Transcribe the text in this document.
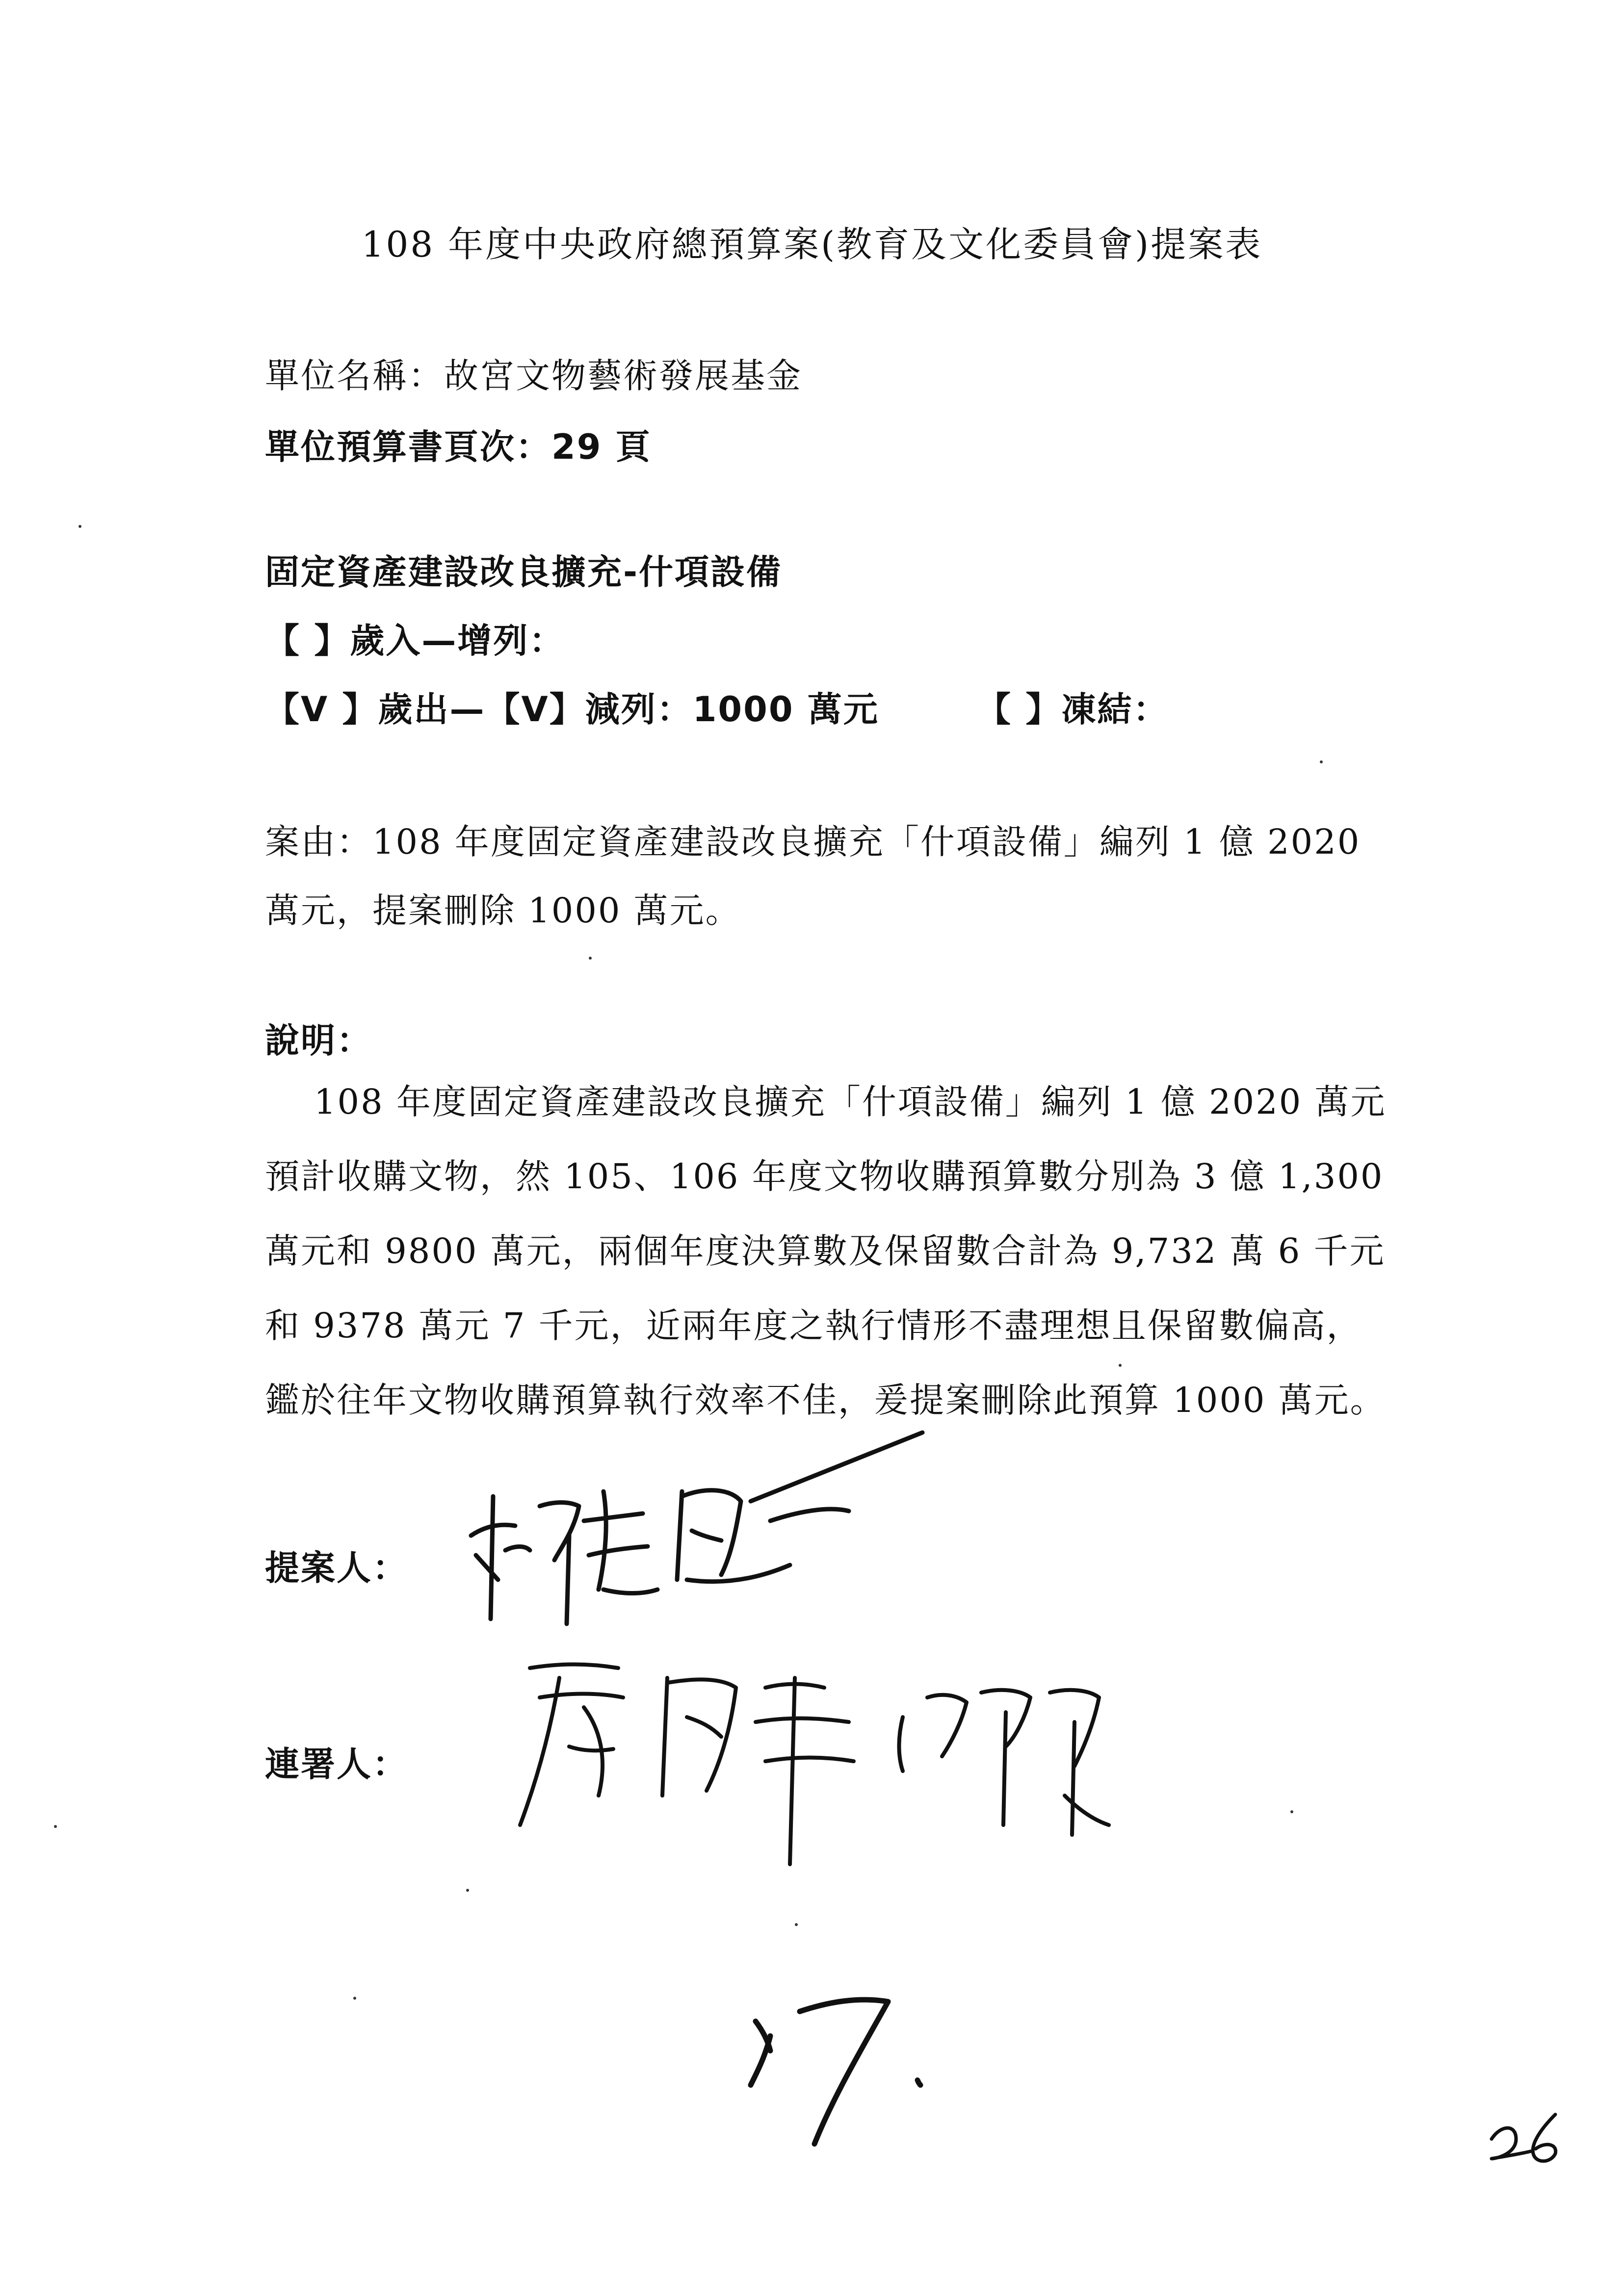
108 年度中央政府總預算案(教育及文化委員會)提案表
單位名稱：故宮文物藝術發展基金
單位預算書頁次：29 頁
固定資產建設改良擴充-什項設備
【 】歲入—增列：
【V 】歲出—【V】減列：1000 萬元	【 】凍結：
案由：108 年度固定資產建設改良擴充「什項設備」編列 1 億 2020
萬元，提案刪除 1000 萬元。
說明：

108 年度固定資產建設改良擴充「什項設備」編列 1 億 2020 萬元

預計收購文物，然 105、106 年度文物收購預算數分別為 3 億 1,300

萬元和 9800 萬元，兩個年度決算數及保留數合計為 9,732 萬 6 千元

和 9378 萬元 7 千元，近兩年度之執行情形不盡理想且保留數偏高，

鑑於往年文物收購預算執行效率不佳，爰提案刪除此預算 1000 萬元。

提案人：
連署人：
